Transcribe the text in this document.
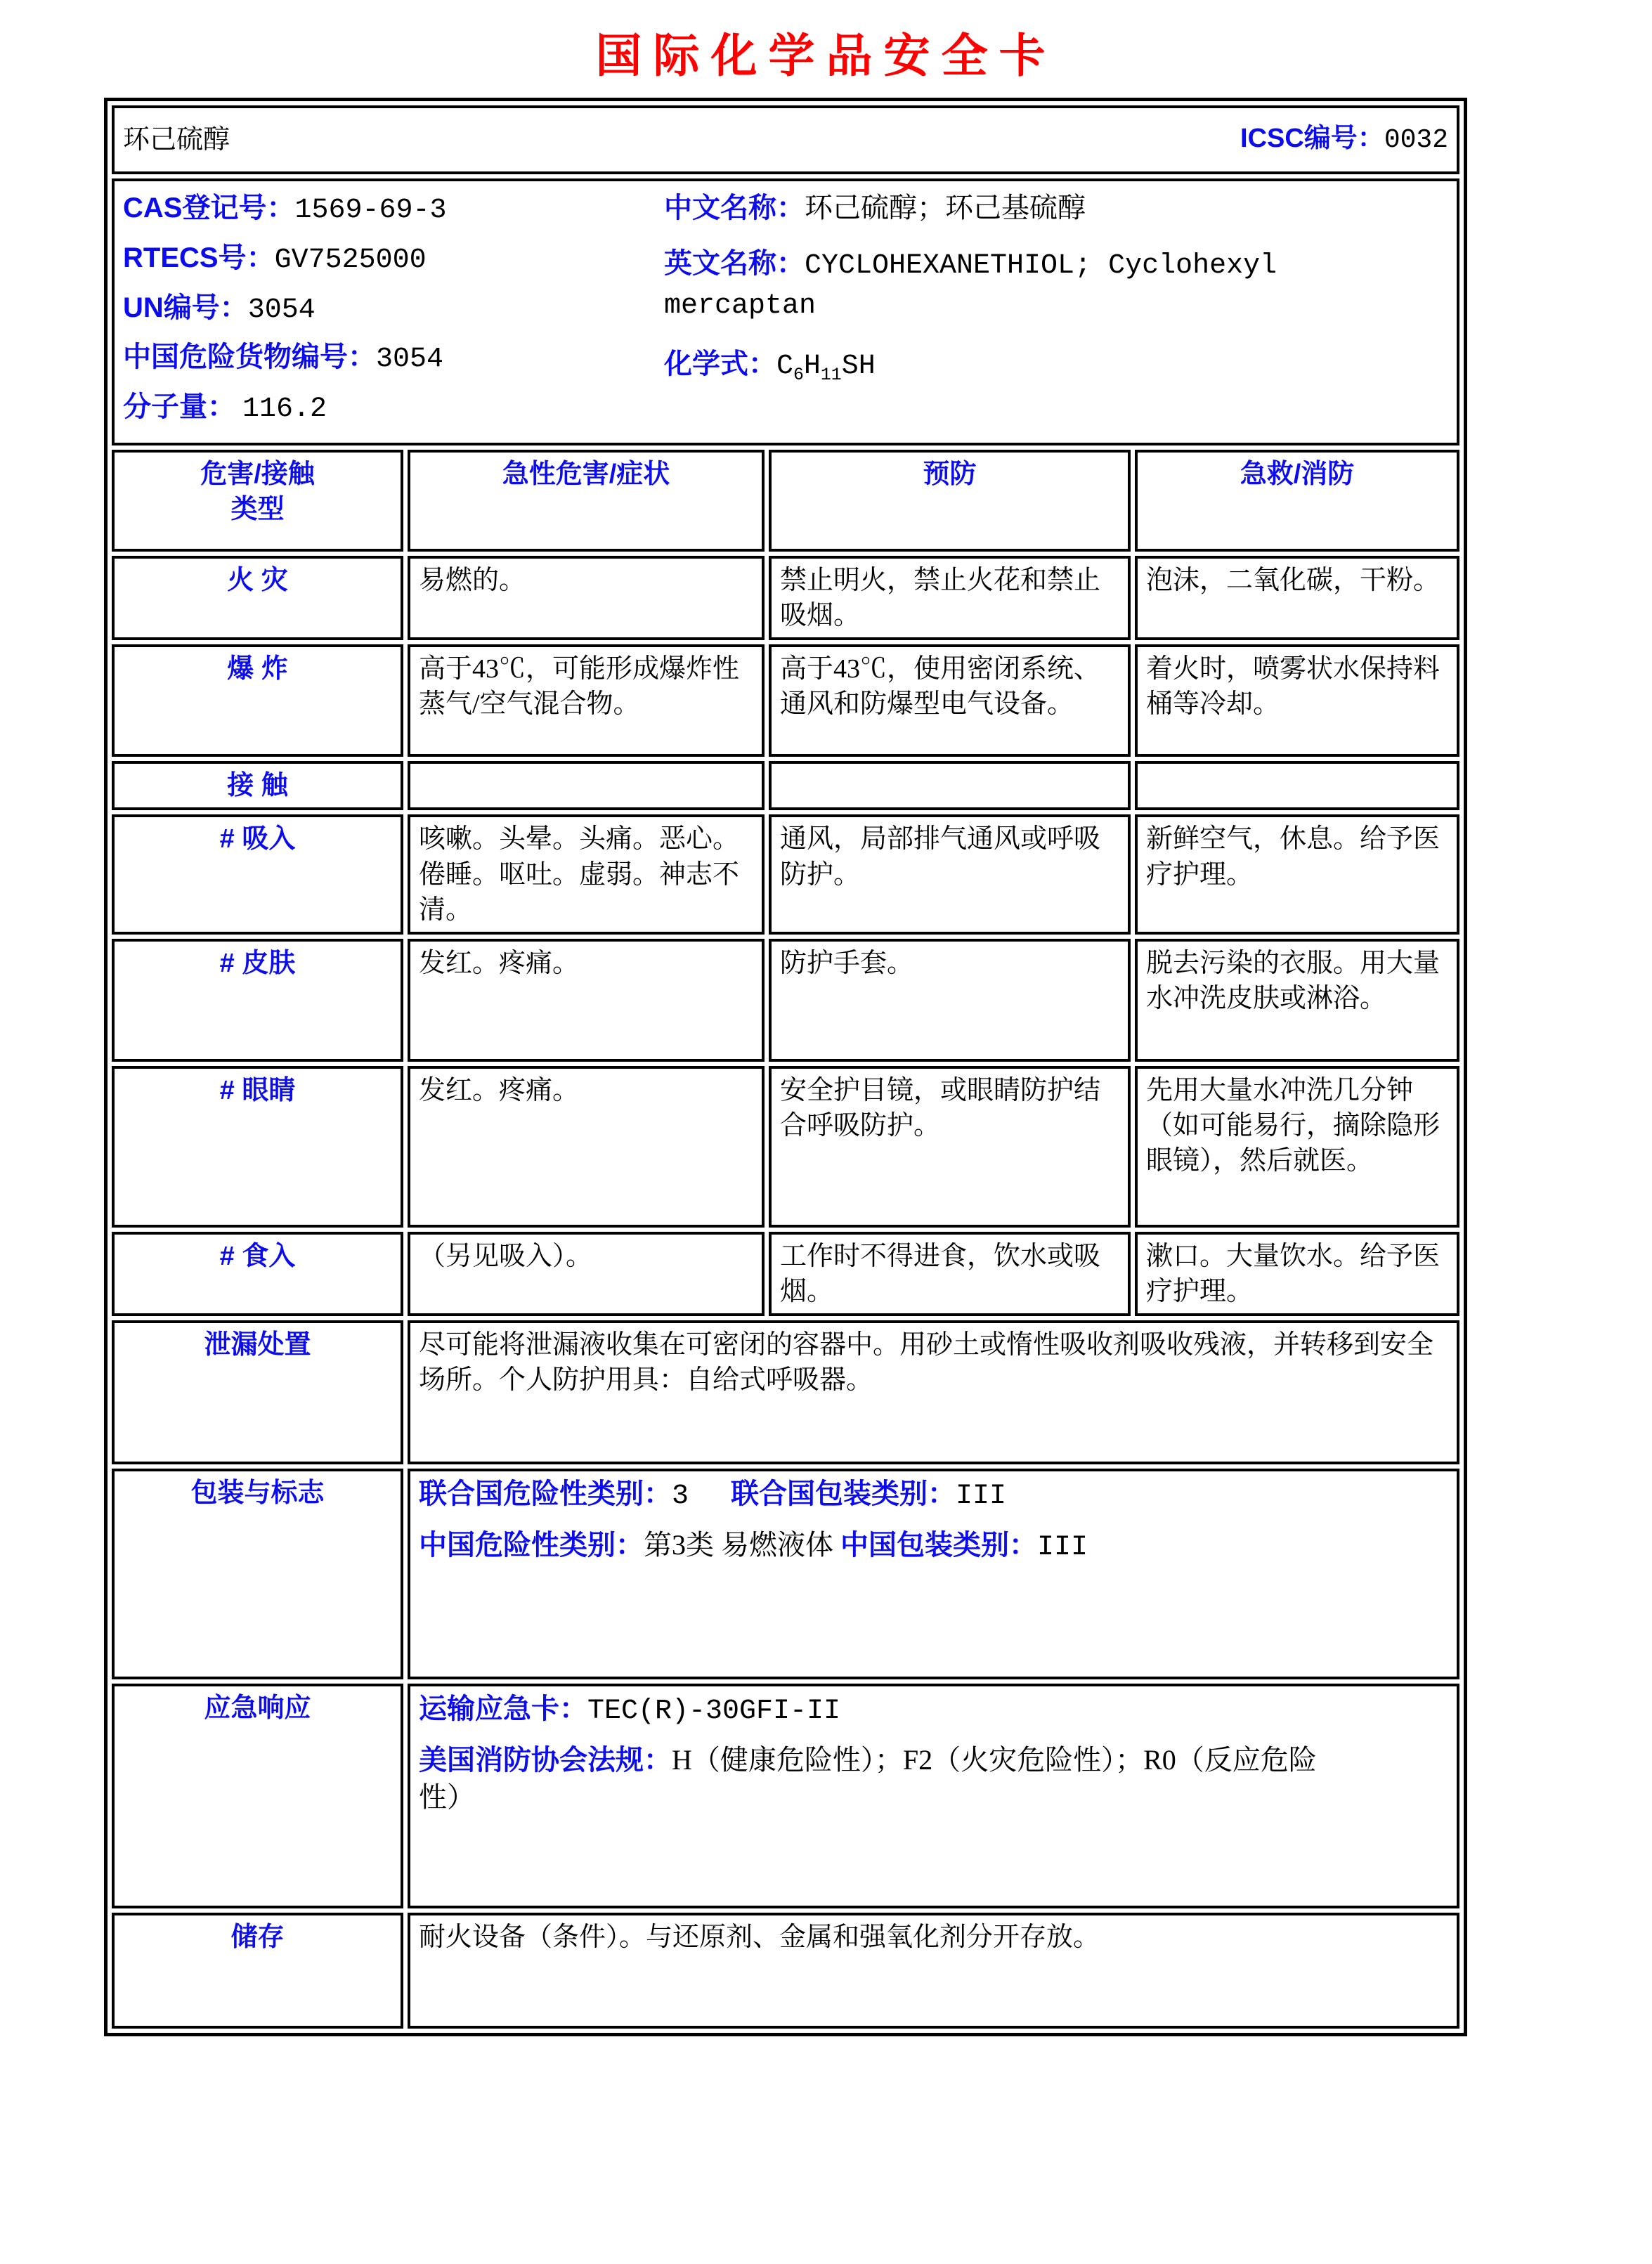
国际化学品安全卡
环己硫醇 ICSC编号：0032			

CAS登记号：1569-69-3
RTECS号：GV7525000
UN编号：3054
中国危险货物编号：3054
分子量： 116.2
中文名称：环己硫醇；环己基硫醇
英文名称：CYCLOHEXANETHIOL; Cyclohexyl mercaptan
化学式：$C_6H_{11}SH$

危害/接触
类型	急性危害/症状	预防	急救/消防
火 灾	易燃的。	禁止明火，禁止火花和禁止吸烟。	泡沫，二氧化碳，干粉。
爆 炸	高于43℃，可能形成爆炸性蒸气/空气混合物。	高于43℃，使用密闭系统、通风和防爆型电气设备。	着火时，喷雾状水保持料桶等冷却。
接 触			
# 吸入	咳嗽。头晕。头痛。恶心。倦睡。呕吐。虚弱。神志不清。	通风，局部排气通风或呼吸防护。	新鲜空气，休息。给予医疗护理。
# 皮肤	发红。疼痛。	防护手套。	脱去污染的衣服。用大量水冲洗皮肤或淋浴。
# 眼睛	发红。疼痛。	安全护目镜，或眼睛防护结合呼吸防护。	先用大量水冲洗几分钟（如可能易行，摘除隐形眼镜），然后就医。
# 食入	（另见吸入）。	工作时不得进食，饮水或吸烟。	漱口。大量饮水。给予医疗护理。
泄漏处置	尽可能将泄漏液收集在可密闭的容器中。用砂土或惰性吸收剂吸收残液，并转移到安全场所。个人防护用具：自给式呼吸器。		
包装与标志	联合国危险性类别：3 联合国包装类别：III
中国危险性类别：第3类 易燃液体 中国包装类别：III		

应急响应	运输应急卡：TEC(R)-30GFI-II
美国消防协会法规：H（健康危险性）；F2（火灾危险性）；R0（反应危险性）		

储存	耐火设备（条件）。与还原剂、金属和强氧化剂分开存放。		
